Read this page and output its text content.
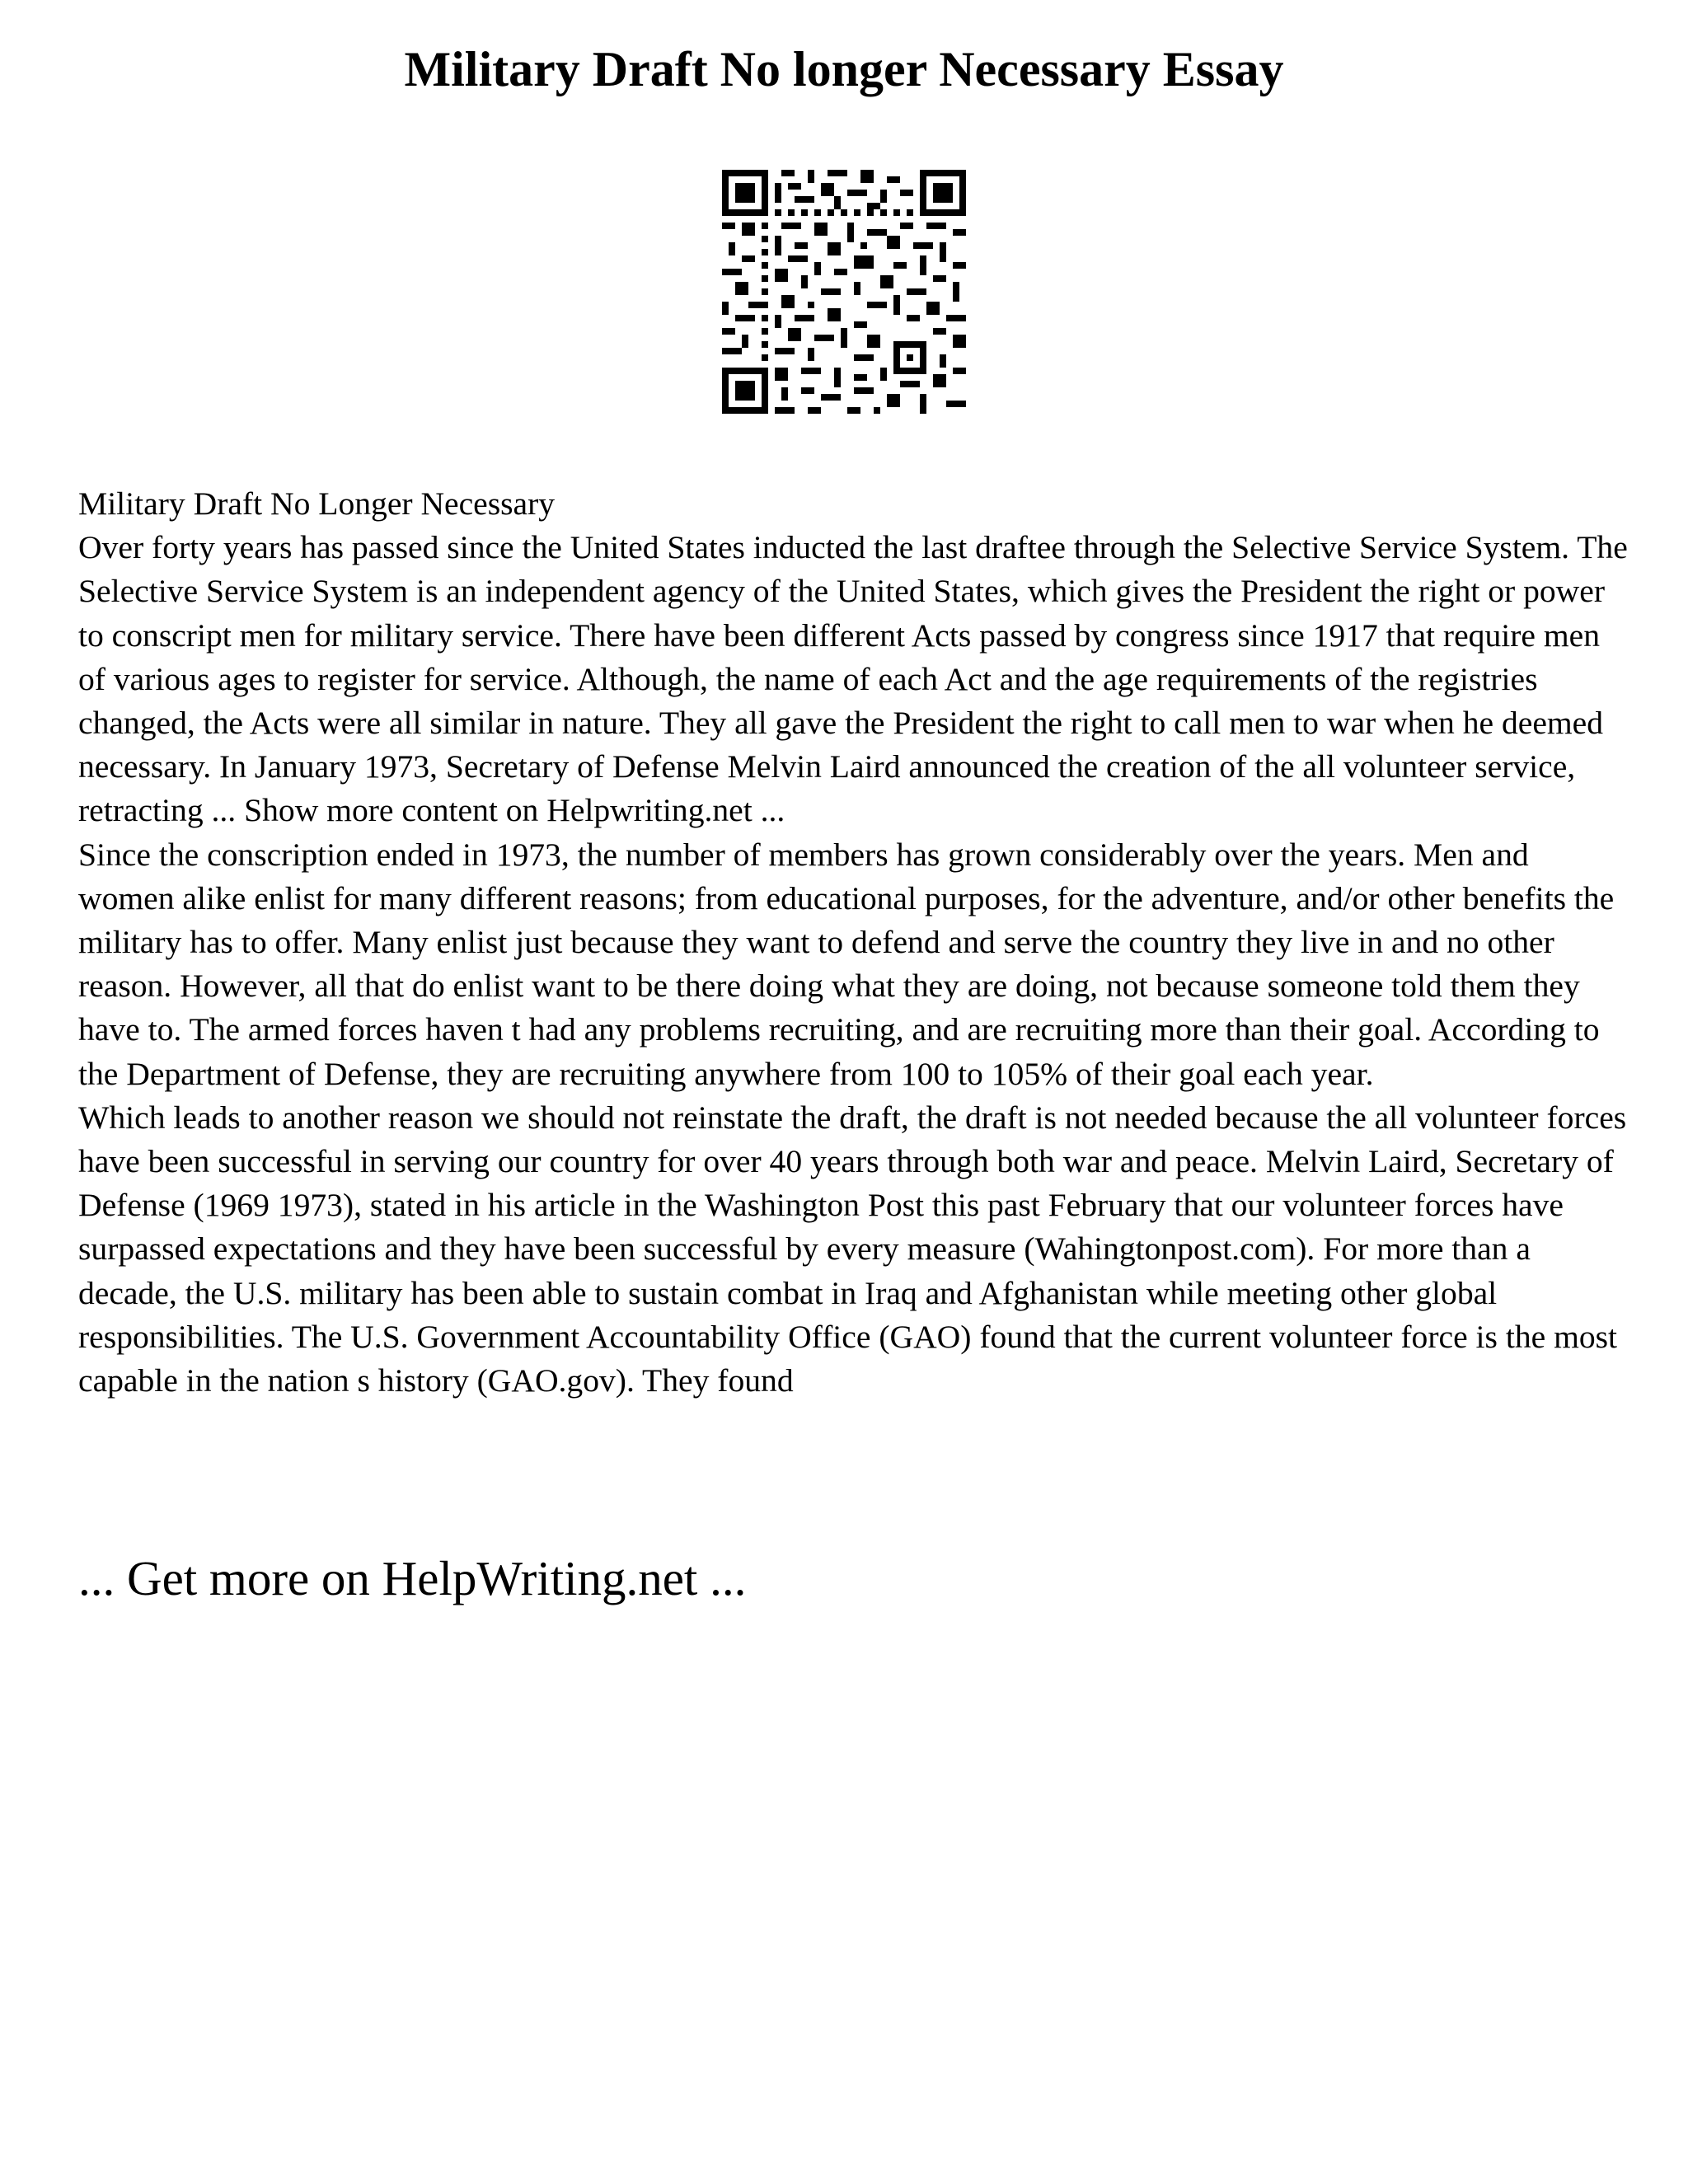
Military Draft No longer Necessary Essay

Military Draft No Longer Necessary

Over forty years has passed since the United States inducted the last draftee through the Selective Service System. The Selective Service System is an independent agency of the United States, which gives the President the right or power to conscript men for military service. There have been different Acts passed by congress since 1917 that require men of various ages to register for service. Although, the name of each Act and the age requirements of the registries changed, the Acts were all similar in nature. They all gave the President the right to call men to war when he deemed necessary. In January 1973, Secretary of Defense Melvin Laird announced the creation of the all volunteer service, retracting ... Show more content on Helpwriting.net ...

Since the conscription ended in 1973, the number of members has grown considerably over the years. Men and women alike enlist for many different reasons; from educational purposes, for the adventure, and/or other benefits the military has to offer. Many enlist just because they want to defend and serve the country they live in and no other reason. However, all that do enlist want to be there doing what they are doing, not because someone told them they have to. The armed forces haven t had any problems recruiting, and are recruiting more than their goal. According to the Department of Defense, they are recruiting anywhere from 100 to 105% of their goal each year.

Which leads to another reason we should not reinstate the draft, the draft is not needed because the all volunteer forces have been successful in serving our country for over 40 years through both war and peace. Melvin Laird, Secretary of Defense (1969 1973), stated in his article in the Washington Post this past February that our volunteer forces have surpassed expectations and they have been successful by every measure (Wahingtonpost.com). For more than a decade, the U.S. military has been able to sustain combat in Iraq and Afghanistan while meeting other global responsibilities. The U.S. Government Accountability Office (GAO) found that the current volunteer force is the most capable in the nation s history (GAO.gov). They found

... Get more on HelpWriting.net ...
